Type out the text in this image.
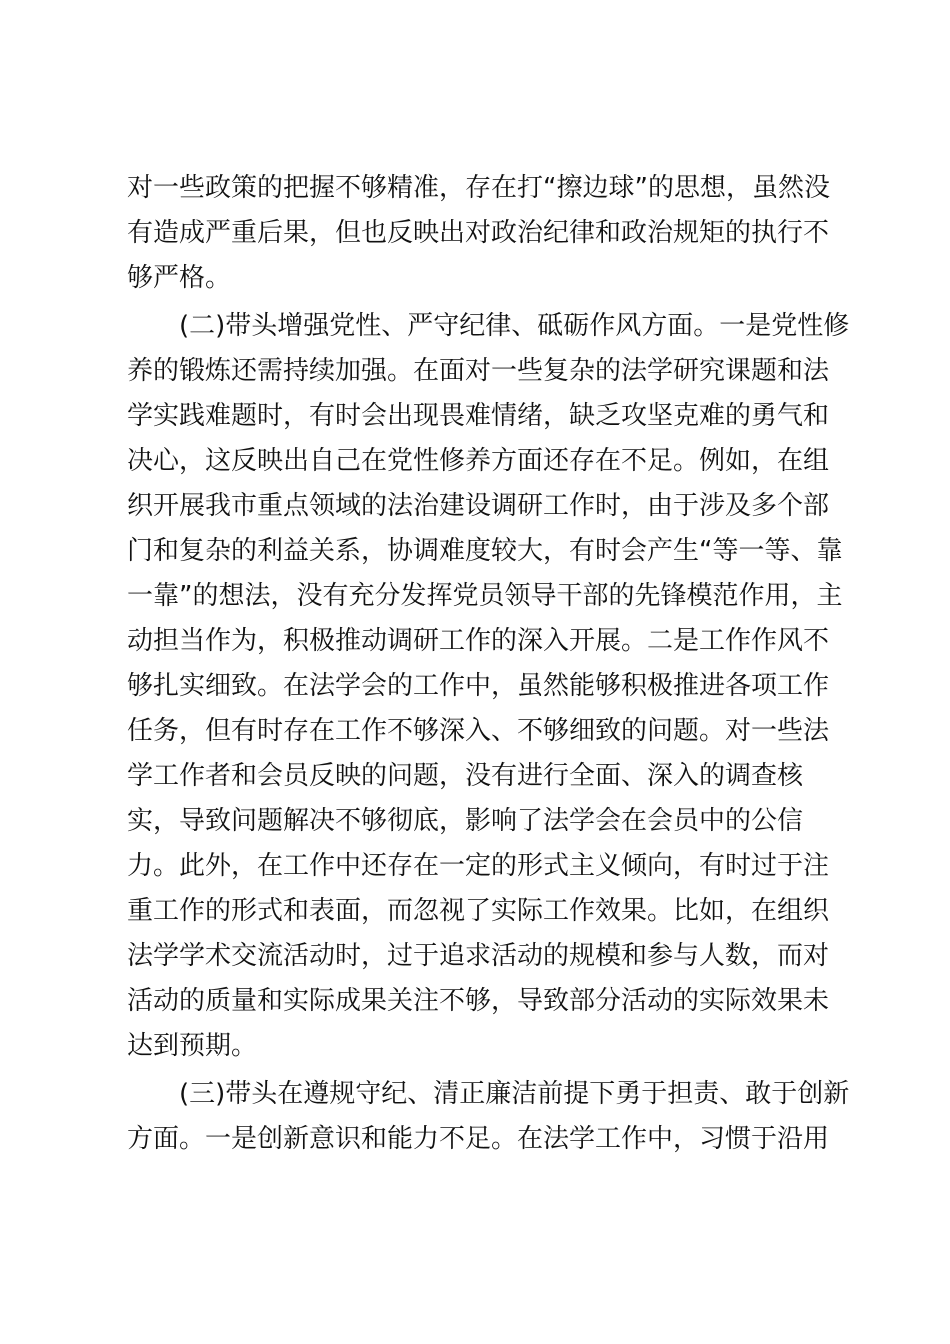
对一些政策的把握不够精准，存在打“擦边球”的思想，虽然没
有造成严重后果，但也反映出对政治纪律和政治规矩的执行不
够严格。
　　(二)带头增强党性、严守纪律、砥砺作风方面。一是党性修
养的锻炼还需持续加强。在面对一些复杂的法学研究课题和法
学实践难题时，有时会出现畏难情绪，缺乏攻坚克难的勇气和
决心，这反映出自己在党性修养方面还存在不足。例如，在组
织开展我市重点领域的法治建设调研工作时，由于涉及多个部
门和复杂的利益关系，协调难度较大，有时会产生“等一等、靠
一靠”的想法，没有充分发挥党员领导干部的先锋模范作用，主
动担当作为，积极推动调研工作的深入开展。二是工作作风不
够扎实细致。在法学会的工作中，虽然能够积极推进各项工作
任务，但有时存在工作不够深入、不够细致的问题。对一些法
学工作者和会员反映的问题，没有进行全面、深入的调查核
实，导致问题解决不够彻底，影响了法学会在会员中的公信
力。此外，在工作中还存在一定的形式主义倾向，有时过于注
重工作的形式和表面，而忽视了实际工作效果。比如，在组织
法学学术交流活动时，过于追求活动的规模和参与人数，而对
活动的质量和实际成果关注不够，导致部分活动的实际效果未
达到预期。
　　(三)带头在遵规守纪、清正廉洁前提下勇于担责、敢于创新
方面。一是创新意识和能力不足。在法学工作中，习惯于沿用
